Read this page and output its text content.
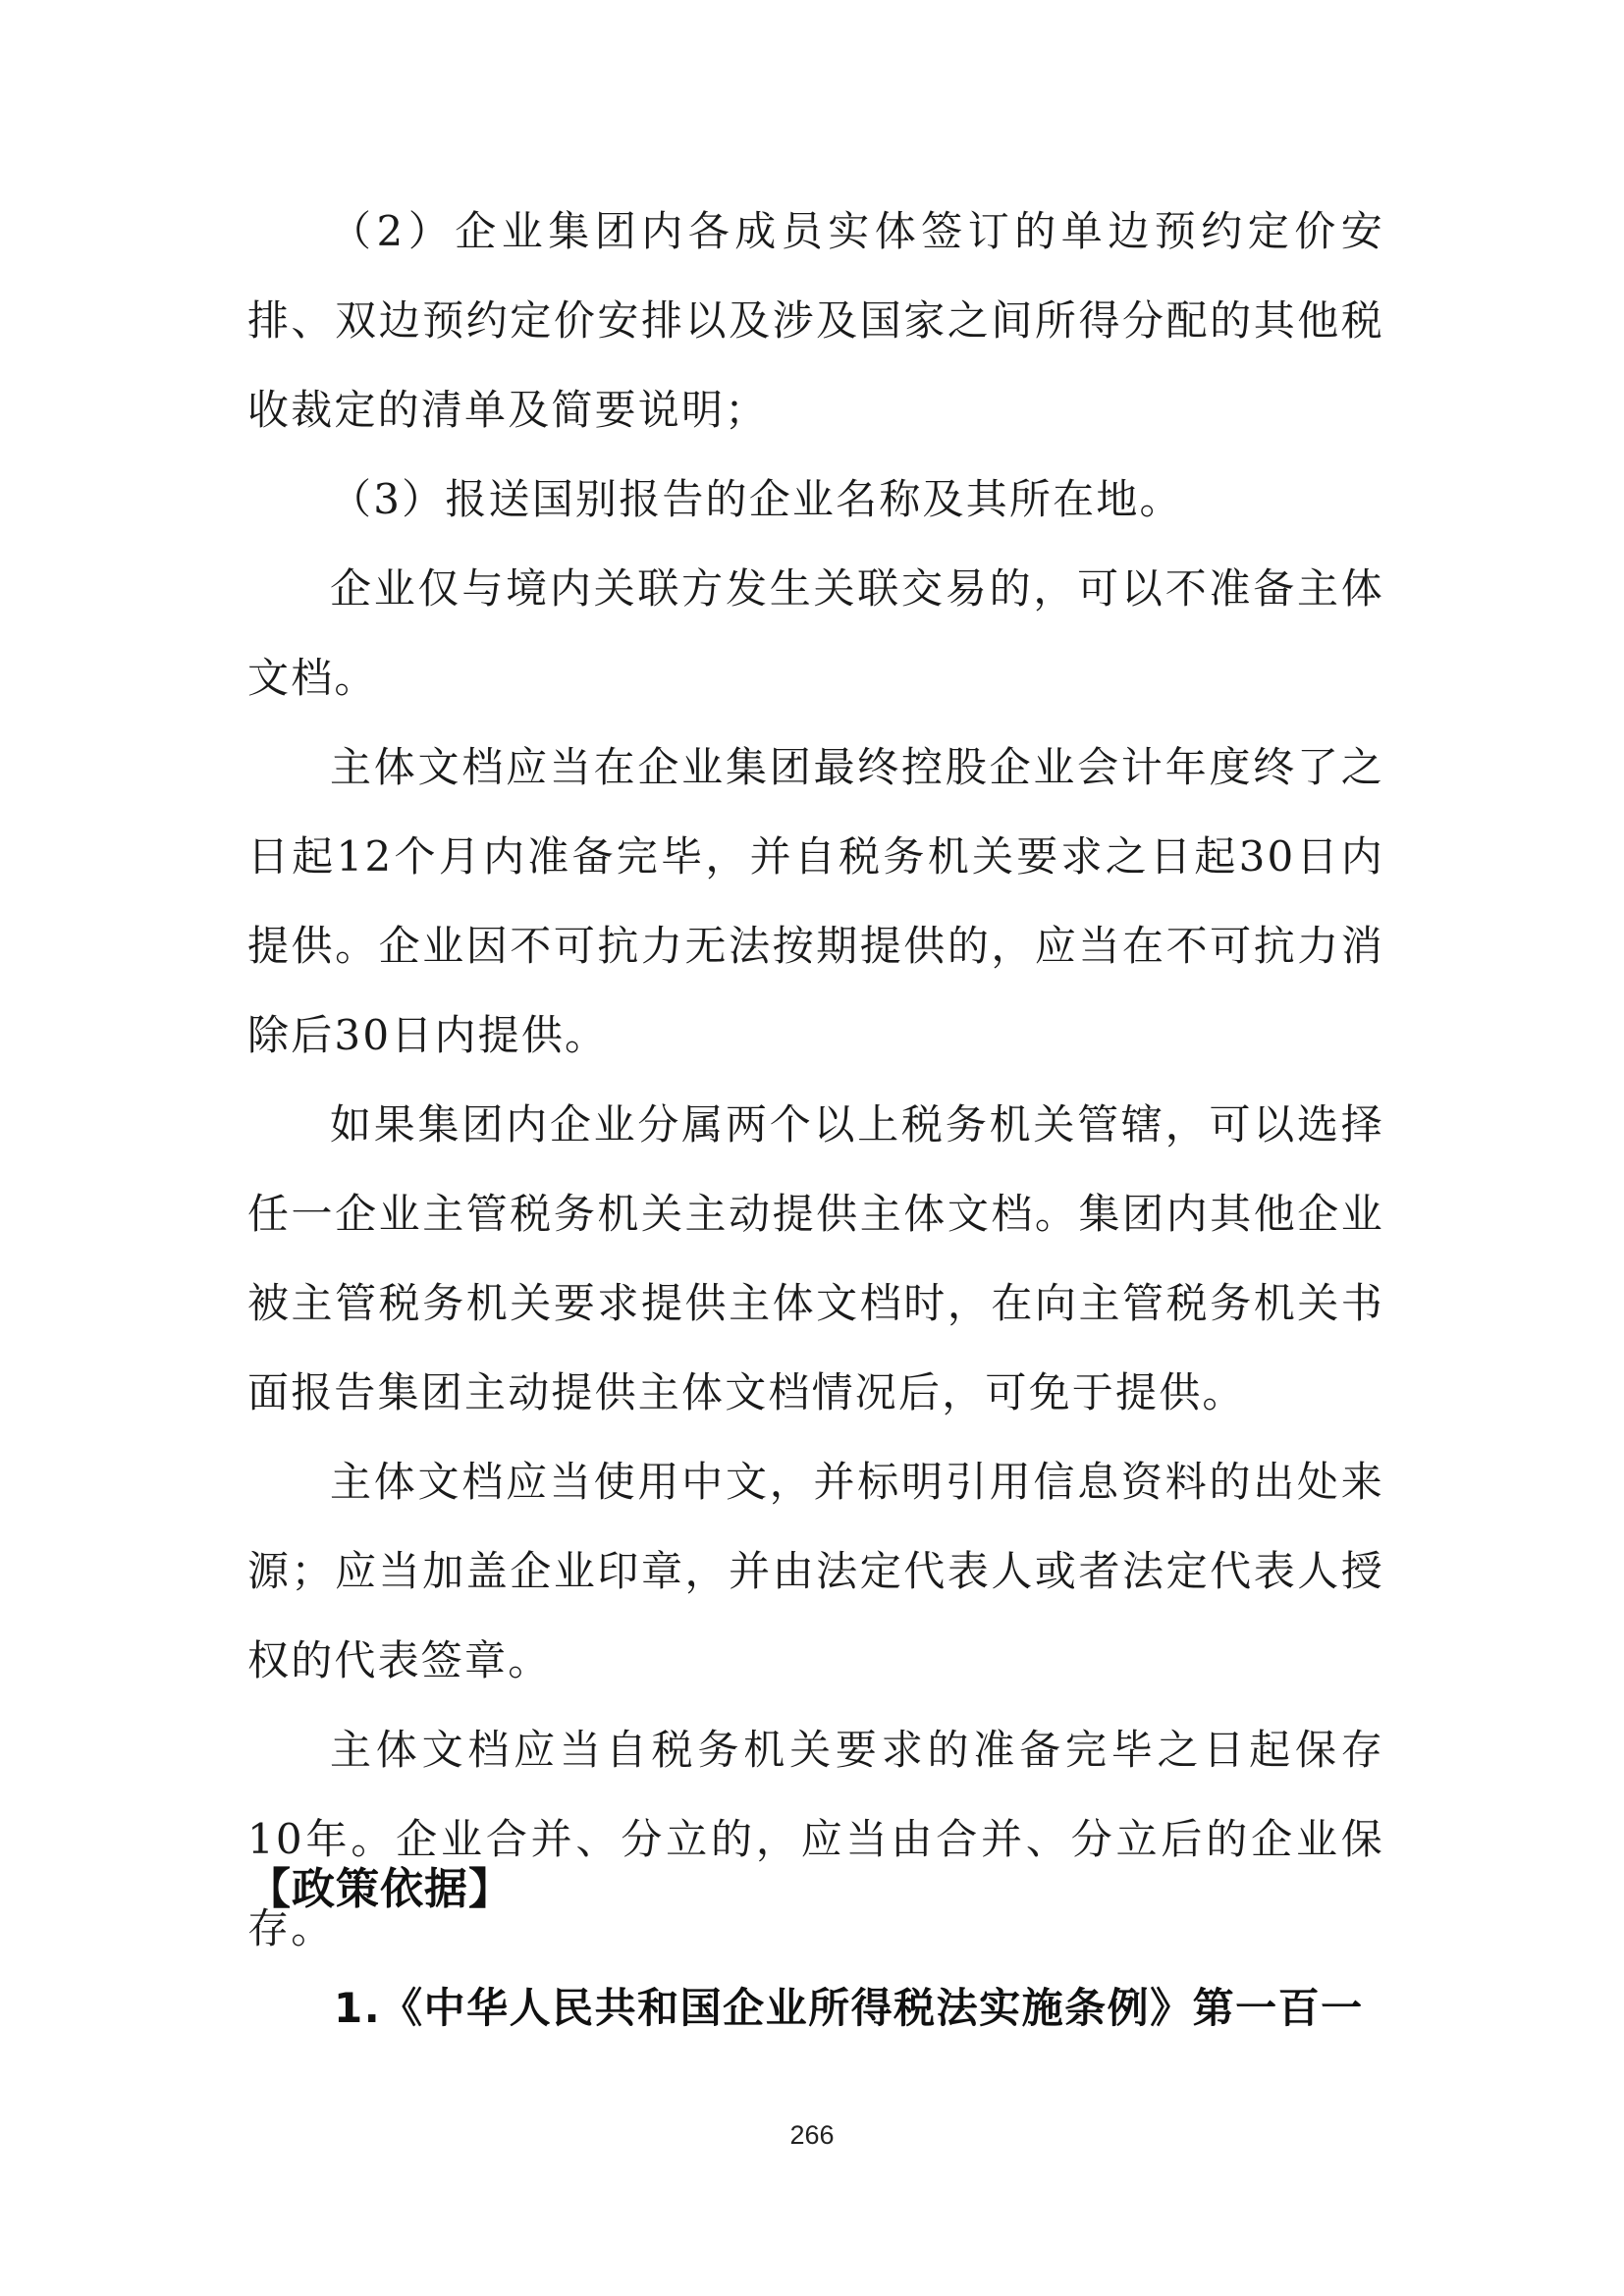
（2）企业集团内各成员实体签订的单边预约定价安排、双边预约定价安排以及涉及国家之间所得分配的其他税收裁定的清单及简要说明；

（3）报送国别报告的企业名称及其所在地。

企业仅与境内关联方发生关联交易的，可以不准备主体文档。

主体文档应当在企业集团最终控股企业会计年度终了之日起12个月内准备完毕，并自税务机关要求之日起30日内提供。企业因不可抗力无法按期提供的，应当在不可抗力消除后30日内提供。

如果集团内企业分属两个以上税务机关管辖，可以选择任一企业主管税务机关主动提供主体文档。集团内其他企业被主管税务机关要求提供主体文档时，在向主管税务机关书面报告集团主动提供主体文档情况后，可免于提供。

主体文档应当使用中文，并标明引用信息资料的出处来源；应当加盖企业印章，并由法定代表人或者法定代表人授权的代表签章。

主体文档应当自税务机关要求的准备完毕之日起保存10年。企业合并、分立的，应当由合并、分立后的企业保存。

【政策依据】
1.《中华人民共和国企业所得税法实施条例》第一百一
266
